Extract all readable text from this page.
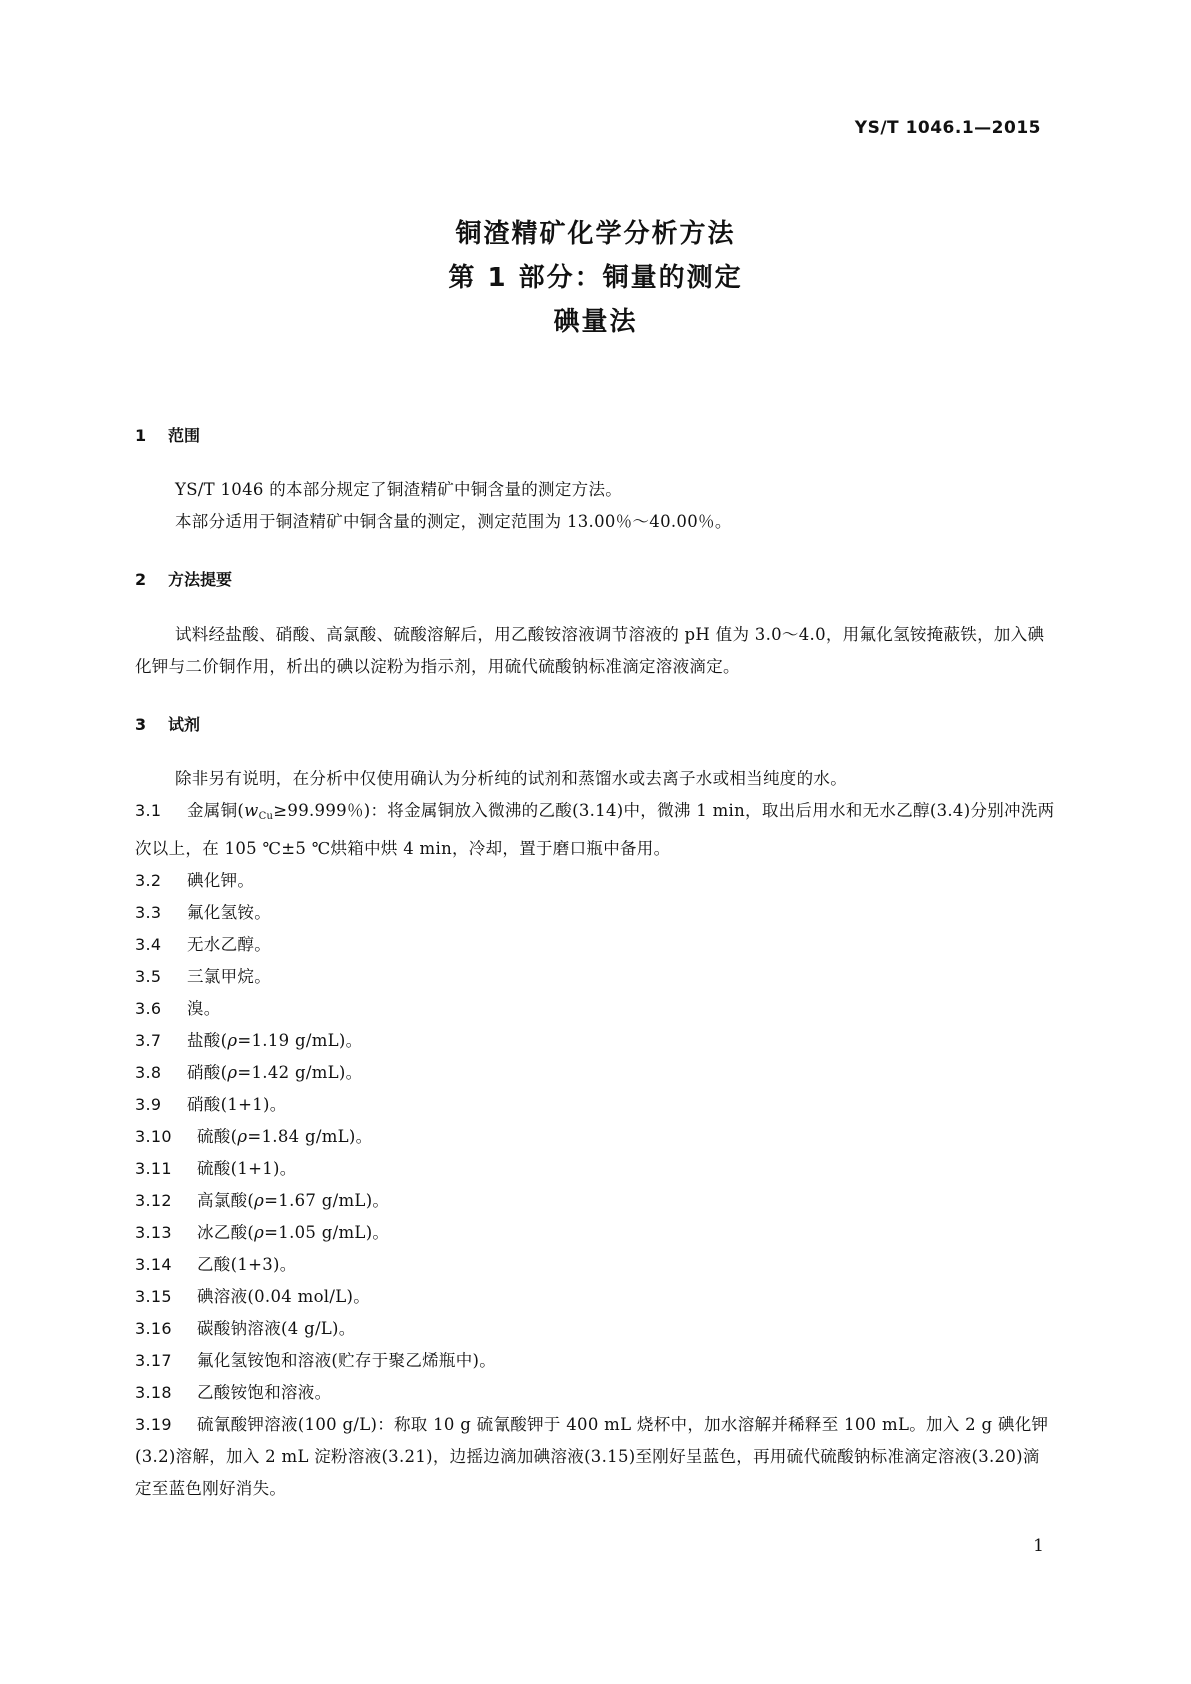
YS/T 1046.1—2015
铜渣精矿化学分析方法
第 1 部分：铜量的测定
碘量法
1 范围
YS/T 1046 的本部分规定了铜渣精矿中铜含量的测定方法。
本部分适用于铜渣精矿中铜含量的测定，测定范围为 13.00％～40.00％。
2 方法提要
试料经盐酸、硝酸、高氯酸、硫酸溶解后，用乙酸铵溶液调节溶液的 pH 值为 3.0～4.0，用氟化氢铵掩蔽铁，加入碘化钾与二价铜作用，析出的碘以淀粉为指示剂，用硫代硫酸钠标准滴定溶液滴定。
3 试剂
除非另有说明，在分析中仅使用确认为分析纯的试剂和蒸馏水或去离子水或相当纯度的水。
3.1 金属铜($w_{Cu}\ge 99.999$％)：将金属铜放入微沸的乙酸(3.14)中，微沸 1 min，取出后用水和无水乙醇(3.4)分别冲洗两次以上，在 105 ℃±5 ℃烘箱中烘 4 min，冷却，置于磨口瓶中备用。
3.2 碘化钾。
3.3 氟化氢铵。
3.4 无水乙醇。
3.5 三氯甲烷。
3.6 溴。
3.7 盐酸(ρ=1.19 g/mL)。
3.8 硝酸(ρ=1.42 g/mL)。
3.9 硝酸(1+1)。
3.10 硫酸(ρ=1.84 g/mL)。
3.11 硫酸(1+1)。
3.12 高氯酸(ρ=1.67 g/mL)。
3.13 冰乙酸(ρ=1.05 g/mL)。
3.14 乙酸(1+3)。
3.15 碘溶液(0.04 mol/L)。
3.16 碳酸钠溶液(4 g/L)。
3.17 氟化氢铵饱和溶液(贮存于聚乙烯瓶中)。
3.18 乙酸铵饱和溶液。
3.19 硫氰酸钾溶液(100 g/L)：称取 10 g 硫氰酸钾于 400 mL 烧杯中，加水溶解并稀释至 100 mL。加入 2 g 碘化钾(3.2)溶解，加入 2 mL 淀粉溶液(3.21)，边摇边滴加碘溶液(3.15)至刚好呈蓝色，再用硫代硫酸钠标准滴定溶液(3.20)滴定至蓝色刚好消失。
1
